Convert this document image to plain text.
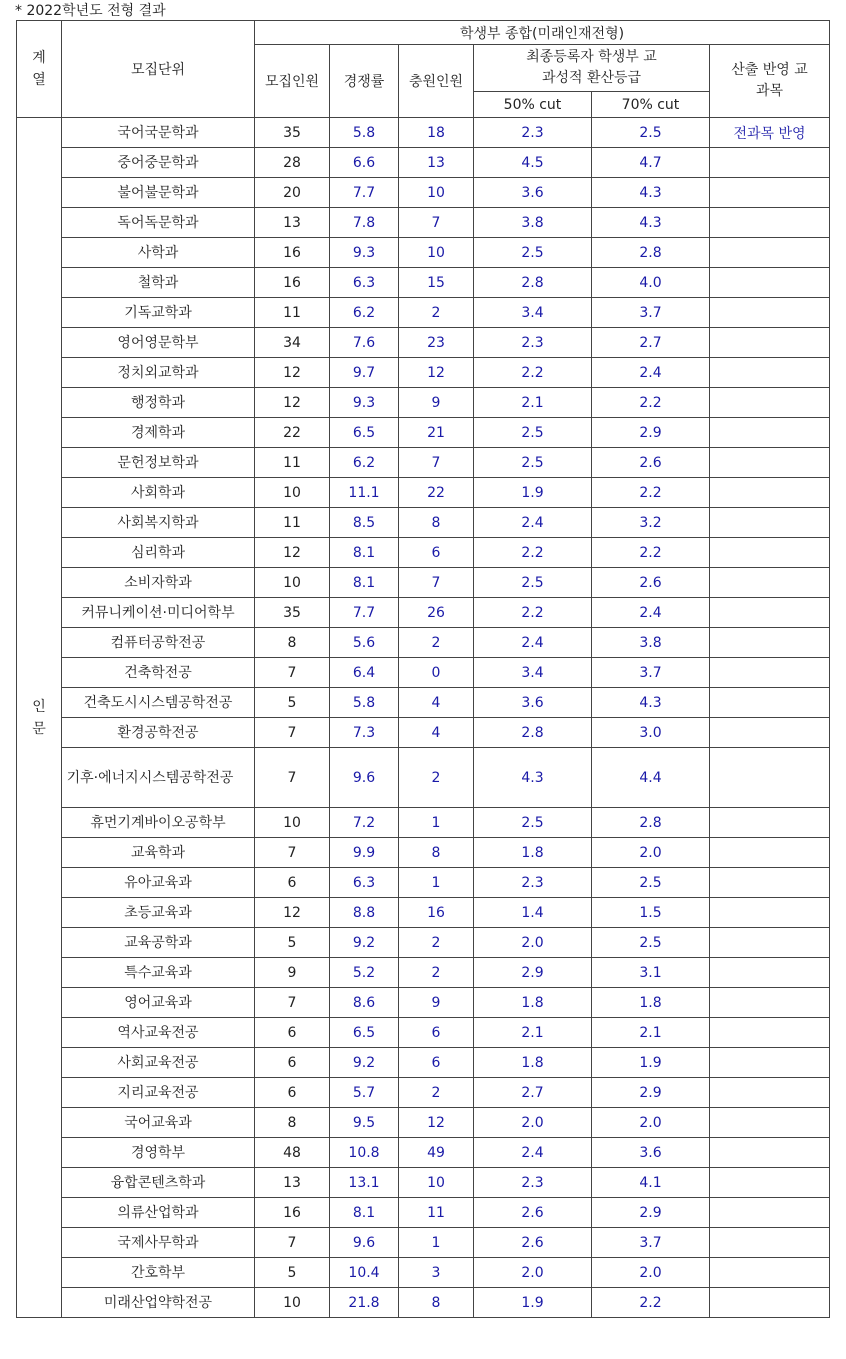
* 2022학년도 전형 결과
계열	모집단위	학생부 종합(미래인재전형)					
		모집인원	경쟁률	충원인원	최종등록자 학생부 교과성적 환산등급		산출 반영 교과목

					50% cut	70% cut	
인문	국어국문학과	35	5.8	18	2.3	2.5	전과목 반영
	중어중문학과	28	6.6	13	4.5	4.7	
	불어불문학과	20	7.7	10	3.6	4.3	
	독어독문학과	13	7.8	7	3.8	4.3	
	사학과	16	9.3	10	2.5	2.8	
	철학과	16	6.3	15	2.8	4.0	
	기독교학과	11	6.2	2	3.4	3.7	
	영어영문학부	34	7.6	23	2.3	2.7	
	정치외교학과	12	9.7	12	2.2	2.4	
	행정학과	12	9.3	9	2.1	2.2	
	경제학과	22	6.5	21	2.5	2.9	
	문헌정보학과	11	6.2	7	2.5	2.6	
	사회학과	10	11.1	22	1.9	2.2	
	사회복지학과	11	8.5	8	2.4	3.2	
	심리학과	12	8.1	6	2.2	2.2	
	소비자학과	10	8.1	7	2.5	2.6	
	커뮤니케이션·미디어학부	35	7.7	26	2.2	2.4	
	컴퓨터공학전공	8	5.6	2	2.4	3.8	
	건축학전공	7	6.4	0	3.4	3.7	
	건축도시시스템공학전공	5	5.8	4	3.6	4.3	
	환경공학전공	7	7.3	4	2.8	3.0	
	기후·에너지시스템공학전공	7	9.6	2	4.3	4.4	
	휴먼기계바이오공학부	10	7.2	1	2.5	2.8	
	교육학과	7	9.9	8	1.8	2.0	
	유아교육과	6	6.3	1	2.3	2.5	
	초등교육과	12	8.8	16	1.4	1.5	
	교육공학과	5	9.2	2	2.0	2.5	
	특수교육과	9	5.2	2	2.9	3.1	
	영어교육과	7	8.6	9	1.8	1.8	
	역사교육전공	6	6.5	6	2.1	2.1	
	사회교육전공	6	9.2	6	1.8	1.9	
	지리교육전공	6	5.7	2	2.7	2.9	
	국어교육과	8	9.5	12	2.0	2.0	
	경영학부	48	10.8	49	2.4	3.6	
	융합콘텐츠학과	13	13.1	10	2.3	4.1	
	의류산업학과	16	8.1	11	2.6	2.9	
	국제사무학과	7	9.6	1	2.6	3.7	
	간호학부	5	10.4	3	2.0	2.0	
	미래산업약학전공	10	21.8	8	1.9	2.2	
